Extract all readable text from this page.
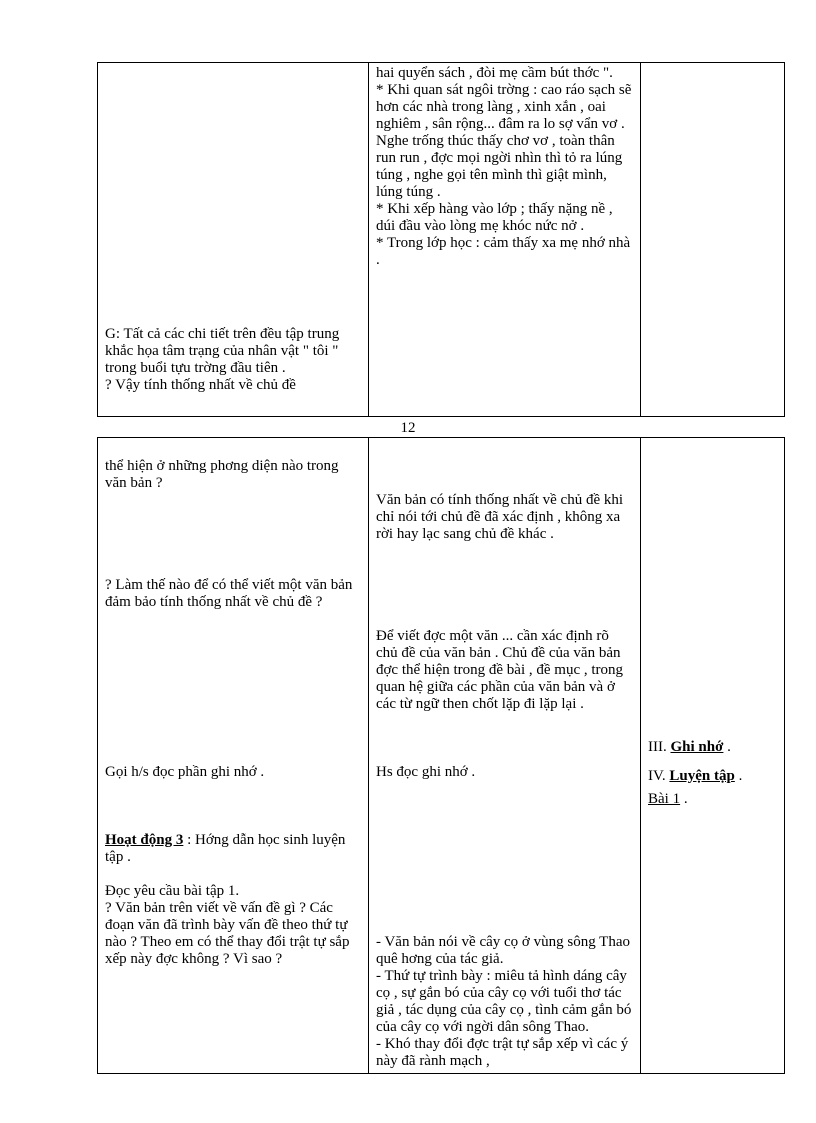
G: Tất cả các chi tiết trên đều tập trung khắc họa tâm trạng của nhân vật " tôi " trong buổi tựu trờng đầu tiên .
? Vậy tính thống nhất về chủ đề
hai quyển sách , đòi mẹ cầm bút thớc ".
* Khi quan sát ngôi trờng : cao ráo sạch sẽ hơn các nhà trong làng , xinh xắn , oai nghiêm , sân rộng... đâm ra lo sợ vẩn vơ .
Nghe trống thúc thấy chơ vơ , toàn thân run run , đợc mọi ngời nhìn thì tỏ ra lúng túng , nghe gọi tên mình thì giật mình, lúng túng .
* Khi xếp hàng vào lớp ; thấy nặng nề , dúi đầu vào lòng mẹ khóc nức nở .
* Trong lớp học : cảm thấy xa mẹ nhớ nhà .
12

thể hiện ở những phơng diện nào trong văn bản ?

? Làm thế nào để có thể viết một văn bản đảm bảo tính thống nhất về chủ đề ?

Gọi h/s đọc phần ghi nhớ .

Hoạt động 3 : Hớng dẫn học sinh luyện tập .

Đọc yêu cầu bài tập 1.
? Văn bản trên viết về vấn đề gì ? Các đoạn văn đã trình bày vấn đề theo thứ tự nào ? Theo em có thể thay đổi trật tự sắp xếp này đợc không ? Vì sao ?

Văn bản có tính thống nhất về chủ đề khi chỉ nói tới chủ đề đã xác định , không xa rời hay lạc sang chủ đề khác .

Để viết đợc một văn ... cần xác định rõ chủ đề của văn bản . Chủ đề của văn bản đợc thể hiện trong đề bài , đề mục , trong quan hệ giữa các phần của văn bản và ở các từ ngữ then chốt lặp đi lặp lại .

Hs đọc ghi nhớ .

- Văn bản nói về cây cọ ở vùng sông Thao quê hơng của tác giả.
- Thứ tự trình bày : miêu tả hình dáng cây cọ , sự gắn bó của cây cọ với tuổi thơ tác giả , tác dụng của cây cọ , tình cảm gắn bó của cây cọ với ngời dân sông Thao.
- Khó thay đổi đợc trật tự sắp xếp vì các ý này đã rành mạch ,

III. Ghi nhớ .
IV. Luyện tập .
Bài 1 .
